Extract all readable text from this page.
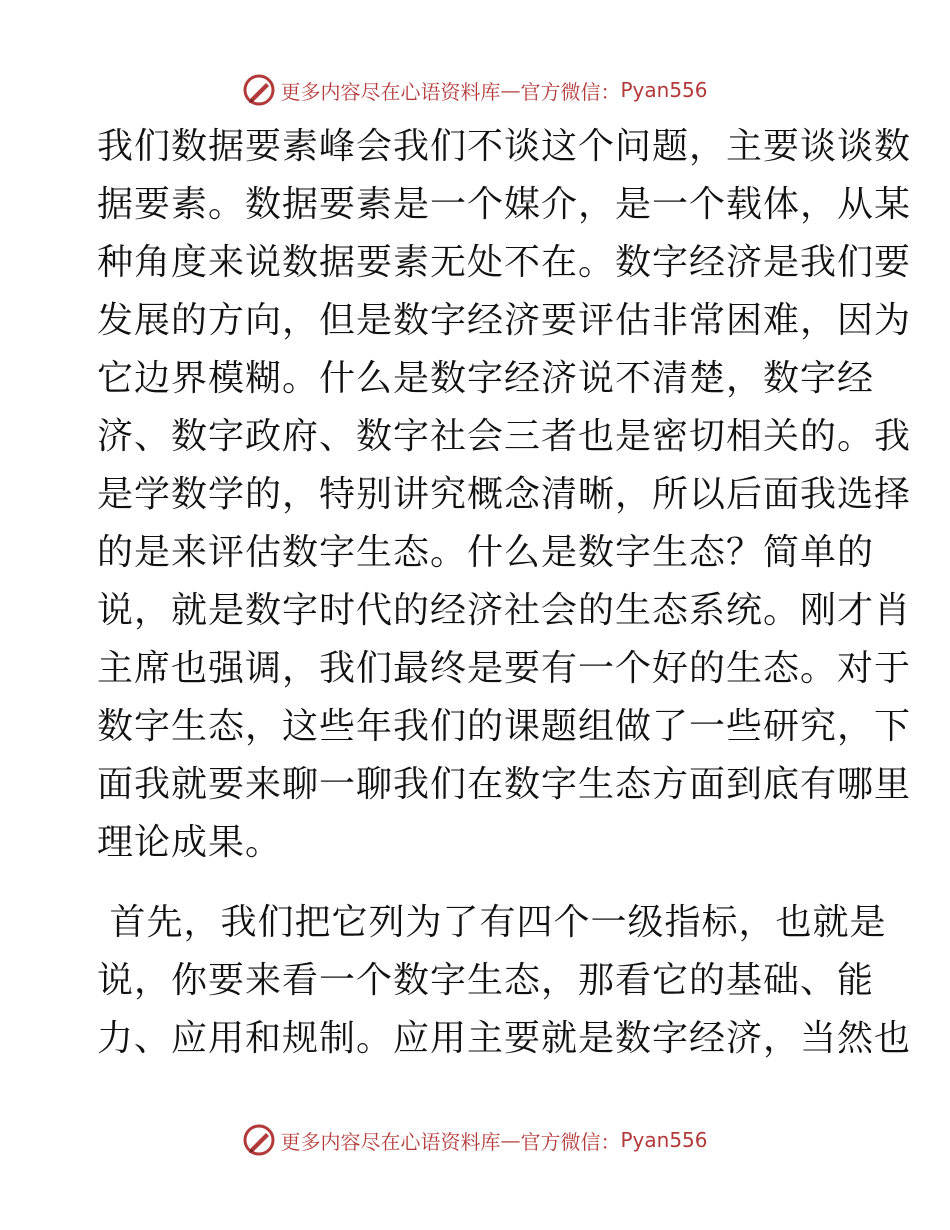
更多内容尽在心语资料库 — 官方微信： Pyan556
我们数据要素峰会我们不谈这个问题，主要谈谈数
据要素。数据要素是一个媒介，是一个载体，从某
种角度来说数据要素无处不在。数字经济是我们要
发展的方向，但是数字经济要评估非常困难，因为
它边界模糊。什么是数字经济说不清楚，数字经
济、数字政府、数字社会三者也是密切相关的。我
是学数学的，特别讲究概念清晰，所以后面我选择
的是来评估数字生态。什么是数字生态？简单的
说，就是数字时代的经济社会的生态系统。刚才肖
主席也强调，我们最终是要有一个好的生态。对于
数字生态，这些年我们的课题组做了一些研究，下
面我就要来聊一聊我们在数字生态方面到底有哪里
理论成果。
首先，我们把它列为了有四个一级指标，也就是
说，你要来看一个数字生态，那看它的基础、能
力、应用和规制。应用主要就是数字经济，当然也
更多内容尽在心语资料库 — 官方微信： Pyan556
